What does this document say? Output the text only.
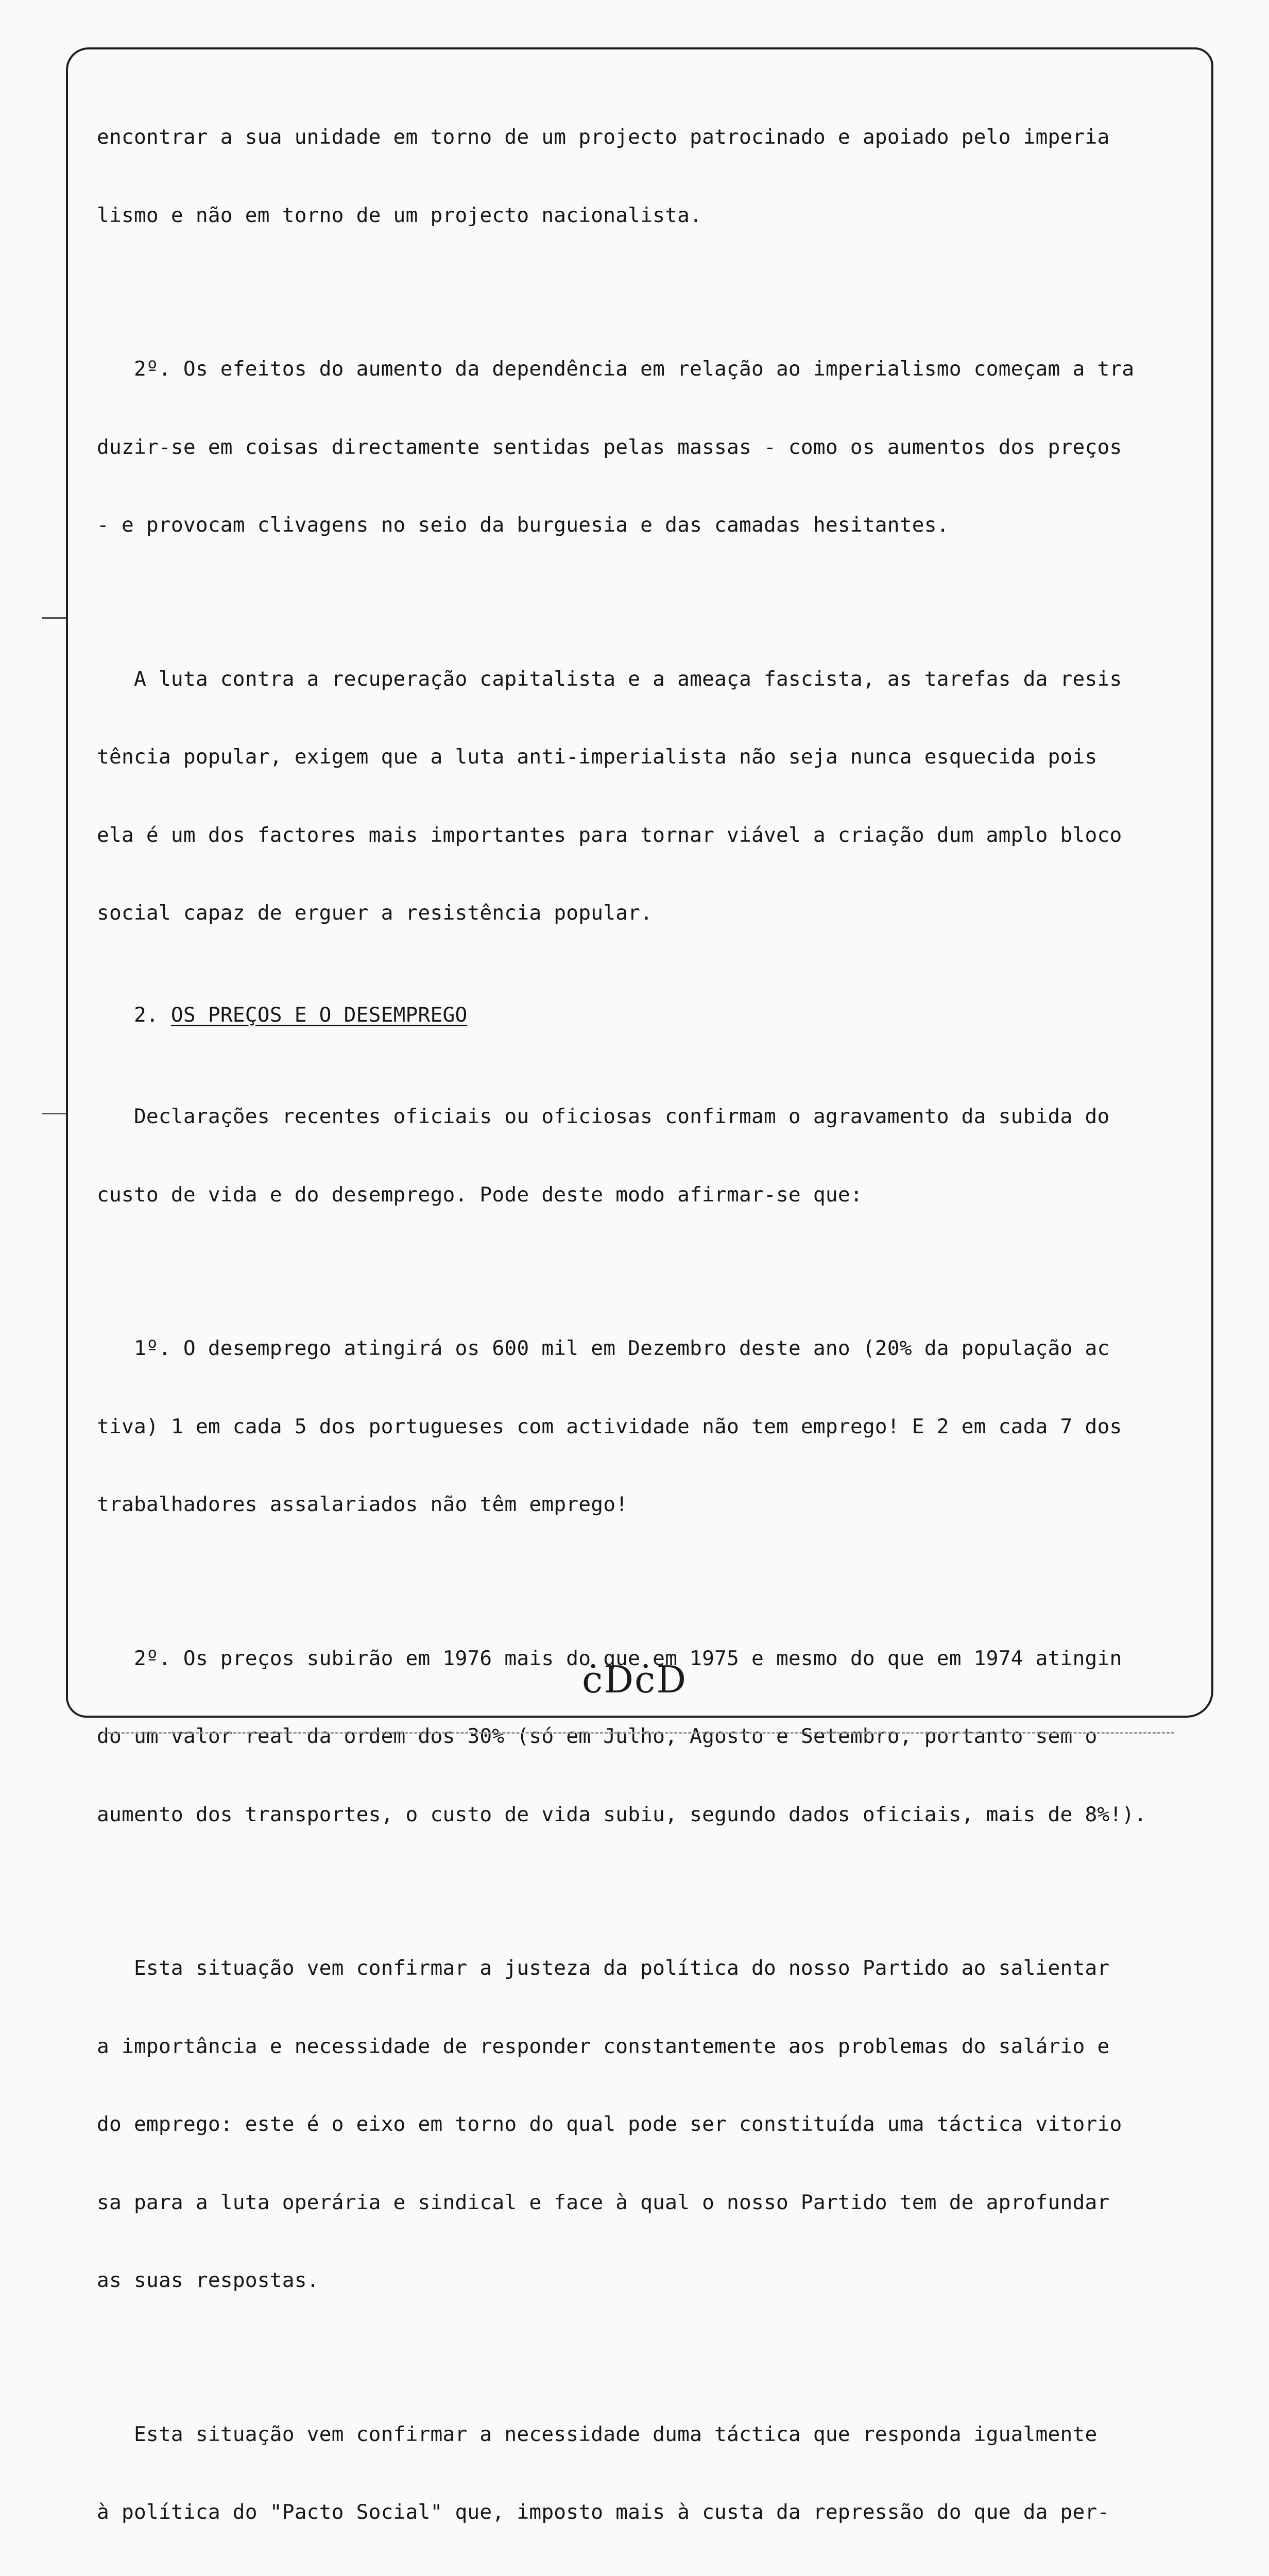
encontrar a sua unidade em torno de um projecto patrocinado e apoiado pelo imperia

lismo e não em torno de um projecto nacionalista.

2º. Os efeitos do aumento da dependência em relação ao imperialismo começam a tra

duzir-se em coisas directamente sentidas pelas massas - como os aumentos dos preços

- e provocam clivagens no seio da burguesia e das camadas hesitantes.

A luta contra a recuperação capitalista e a ameaça fascista, as tarefas da resis

tência popular, exigem que a luta anti-imperialista não seja nunca esquecida pois

ela é um dos factores mais importantes para tornar viável a criação dum amplo bloco

social capaz de erguer a resistência popular.

2. OS PREÇOS E O DESEMPREGO

Declarações recentes oficiais ou oficiosas confirmam o agravamento da subida do

custo de vida e do desemprego. Pode deste modo afirmar-se que:

1º. O desemprego atingirá os 600 mil em Dezembro deste ano (20% da população ac

tiva) 1 em cada 5 dos portugueses com actividade não tem emprego! E 2 em cada 7 dos

trabalhadores assalariados não têm emprego!

2º. Os preços subirão em 1976 mais do que em 1975 e mesmo do que em 1974 atingin

do um valor real da ordem dos 30% (só em Julho, Agosto e Setembro, portanto sem o

aumento dos transportes, o custo de vida subiu, segundo dados oficiais, mais de 8%!).

Esta situação vem confirmar a justeza da política do nosso Partido ao salientar

a importância e necessidade de responder constantemente aos problemas do salário e

do emprego: este é o eixo em torno do qual pode ser constituída uma táctica vitorio

sa para a luta operária e sindical e face à qual o nosso Partido tem de aprofundar

as suas respostas.

Esta situação vem confirmar a necessidade duma táctica que responda igualmente

à política do "Pacto Social" que, imposto mais à custa da repressão do que da per-

ċDċD
